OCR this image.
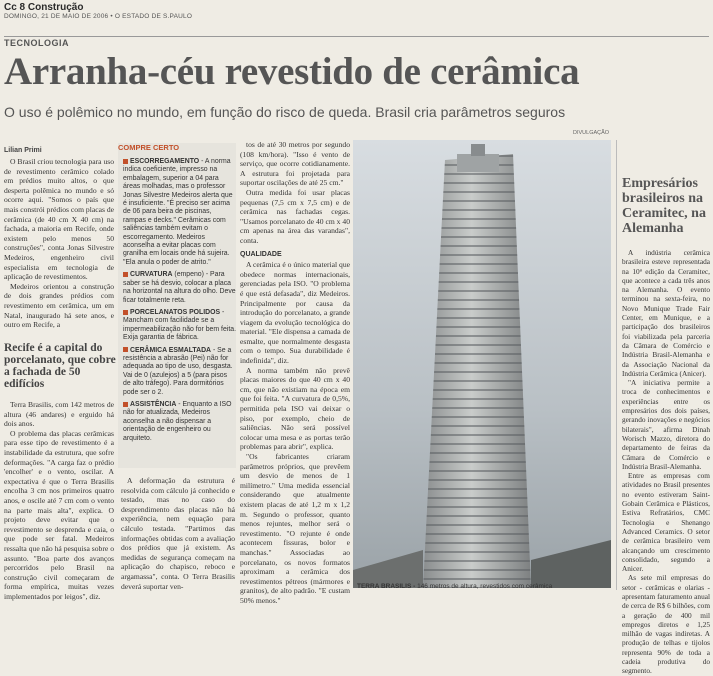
Cc 8 Construção
DOMINGO, 21 DE MAIO DE 2006 • O ESTADO DE S.PAULO
TECNOLOGIA
Arranha-céu revestido de cerâmica
O uso é polêmico no mundo, em função do risco de queda. Brasil cria parâmetros seguros
Lilian Primi

O Brasil criou tecnologia para uso de revestimento cerâmico colado em prédios muito altos, o que desperta polêmica no mundo e só ocorre aqui. "Somos o país que mais constrói prédios com placas de cerâmica (de 40 cm X 40 cm) na fachada, a maioria em Recife, onde existem pelo menos 50 construções", conta Jonas Silvestre Medeiros, engenheiro civil especialista em tecnologia de aplicação de revestimentos.

Medeiros orientou a construção de dois grandes prédios com revestimento em cerâmica, um em Natal, inaugurado há sete anos, e outro em Recife, a

Recife é a capital do porcelanato, que cobre a fachada de 50 edifícios

Terra Brasilis, com 142 metros de altura (46 andares) e erguido há dois anos.

O problema das placas cerâmicas para esse tipo de revestimento é a instabilidade da estrutura, que sofre deformações. "A carga faz o prédio 'encolher' e o vento, oscilar. A expectativa é que o Terra Brasilis encolha 3 cm nos primeiros quatro anos, e oscile até 7 cm com o vento na parte mais alta", explica. O projeto deve evitar que o revestimento se desprenda e caia, o que pode ser fatal. Medeiros ressalta que não há pesquisa sobre o assunto. "Boa parte dos avanços percorridos pelo Brasil na construção civil começaram de forma empírica, muitas vezes implementados por leigos", diz.

COMPRE CERTO
ESCORREGAMENTO - A norma indica coeficiente, impresso na embalagem, superior a 04 para áreas molhadas, mas o professor Jonas Silvestre Medeiros alerta que é insuficiente. "É preciso ser acima de 06 para beira de piscinas, rampas e decks." Cerâmicas com saliências também evitam o escorregamento. Medeiros aconselha a evitar placas com granilha em locais onde há sujeira. "Ela anula o poder de atrito."
CURVATURA (empeno) - Para saber se há desvio, colocar a placa na horizontal na altura do olho. Deve ficar totalmente reta.
PORCELANATOS POLIDOS - Mancham com facilidade se a impermeabilização não for bem feita. Exija garantia de fábrica.
CERÂMICA ESMALTADA - Se a resistência a abrasão (Pei) não for adequada ao tipo de uso, desgasta. Vai de 0 (azulejos) a 5 (para pisos de alto tráfego). Para dormitórios pode ser o 2.
ASSISTÊNCIA - Enquanto a ISO não for atualizada, Medeiros aconselha a não dispensar a orientação de engenheiro ou arquiteto.

A deformação da estrutura é resolvida com cálculo já conhecido e testado, mas no caso do desprendimento das placas não há experiência, nem equação para cálculo testada. "Partimos das informações obtidas com a avaliação dos prédios que já existem. As medidas de segurança começam na aplicação do chapisco, reboco e argamassa", conta. O Terra Brasilis deverá suportar ven-

tos de até 30 metros por segundo (108 km/hora). "Isso é vento de serviço, que ocorre cotidianamente. A estrutura foi projetada para suportar oscilações de até 25 cm."

Outra medida foi usar placas pequenas (7,5 cm x 7,5 cm) e de cerâmica nas fachadas cegas. "Usamos porcelanato de 40 cm x 40 cm apenas na área das varandas", conta.

QUALIDADE

A cerâmica é o único material que obedece normas internacionais, gerenciadas pela ISO. "O problema é que está defasada", diz Medeiros. Principalmente por causa da introdução do porcelanato, a grande viagem da evolução tecnológica do material. "Ele dispensa a camada de esmalte, que normalmente desgasta com o tempo. Sua durabilidade é indefinida", diz.

A norma também não prevê placas maiores do que 40 cm x 40 cm, que não existiam na época em que foi feita. "A curvatura de 0,5%, permitida pela ISO vai deixar o piso, por exemplo, cheio de saliências. Não será possível colocar uma mesa e as portas terão problemas para abrir", explica.

"Os fabricantes criaram parâmetros próprios, que prevêem um desvio de menos de 1 milímetro." Uma medida essencial considerando que atualmente existem placas de até 1,2 m x 1,2 m. Segundo o professor, quanto menos rejuntes, melhor será o revestimento. "O rejunte é onde acontecem fissuras, bolor e manchas." Associadas ao porcelanato, os novos formatos aproximam a cerâmica dos revestimentos pétreos (mármores e granitos), de alto padrão. "E custam 50% menos."

DIVULGAÇÃO
TERRA BRASILIS - 146 metros de altura, revestidos com cerâmica
Empresários brasileiros na Ceramitec, na Alemanha

A indústria cerâmica brasileira esteve representada na 10ª edição da Ceramitec, que acontece a cada três anos na Alemanha. O evento terminou na sexta-feira, no Novo Munique Trade Fair Center, em Munique, e a participação dos brasileiros foi viabilizada pela parceria da Câmara de Comércio e Indústria Brasil-Alemanha e da Associação Nacional da Indústria Cerâmica (Anicer).

"A iniciativa permite a troca de conhecimentos e experiências entre os empresários dos dois países, gerando inovações e negócios bilaterais", afirma Dinah Worisch Mazzo, diretora do departamento de feiras da Câmara de Comércio e Indústria Brasil-Alemanha.

Entre as empresas com atividades no Brasil presentes no evento estiveram Saint-Gobain Cerâmica e Plásticos, Estiva Refratários, CMC Tecnologia e Shenango Advanced Ceramics. O setor de cerâmica brasileiro vem alcançando um crescimento consolidado, segundo a Anicer.

As sete mil empresas do setor - cerâmicas e olarias - apresentam faturamento anual de cerca de R$ 6 bilhões, com a geração de 400 mil empregos diretos e 1,25 milhão de vagas indiretas. A produção de telhas e tijolos representa 90% de toda a cadeia produtiva do segmento.
